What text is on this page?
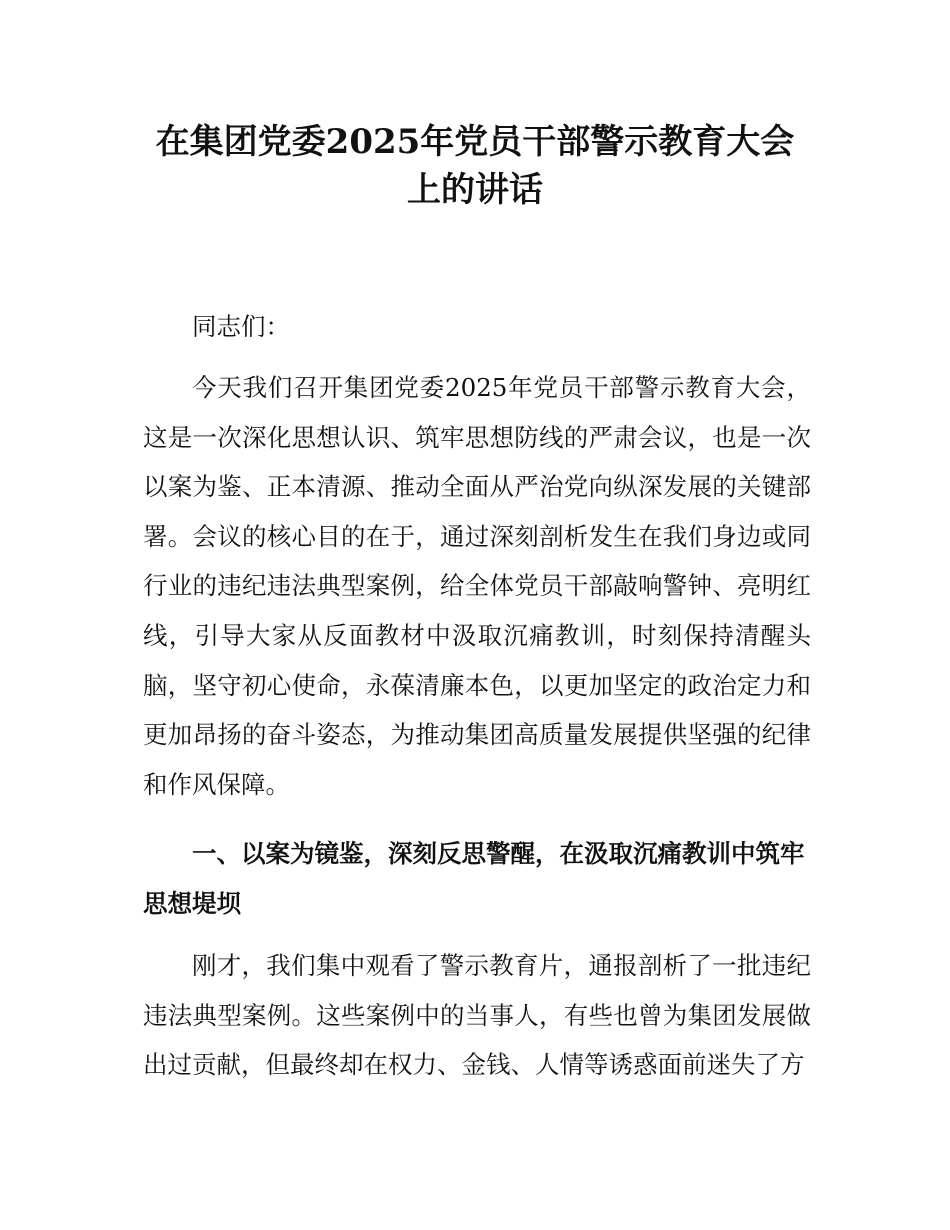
在集团党委2025年党员干部警示教育大会
上的讲话

同志们：

今天我们召开集团党委2025年党员干部警示教育大会，这是一次深化思想认识、筑牢思想防线的严肃会议，也是一次以案为鉴、正本清源、推动全面从严治党向纵深发展的关键部署。会议的核心目的在于，通过深刻剖析发生在我们身边或同行业的违纪违法典型案例，给全体党员干部敲响警钟、亮明红线，引导大家从反面教材中汲取沉痛教训，时刻保持清醒头脑，坚守初心使命，永葆清廉本色，以更加坚定的政治定力和更加昂扬的奋斗姿态，为推动集团高质量发展提供坚强的纪律和作风保障。

一、以案为镜鉴，深刻反思警醒，在汲取沉痛教训中筑牢思想堤坝

刚才，我们集中观看了警示教育片，通报剖析了一批违纪违法典型案例。这些案例中的当事人，有些也曾为集团发展做出过贡献，但最终却在权力、金钱、人情等诱惑面前迷失了方
